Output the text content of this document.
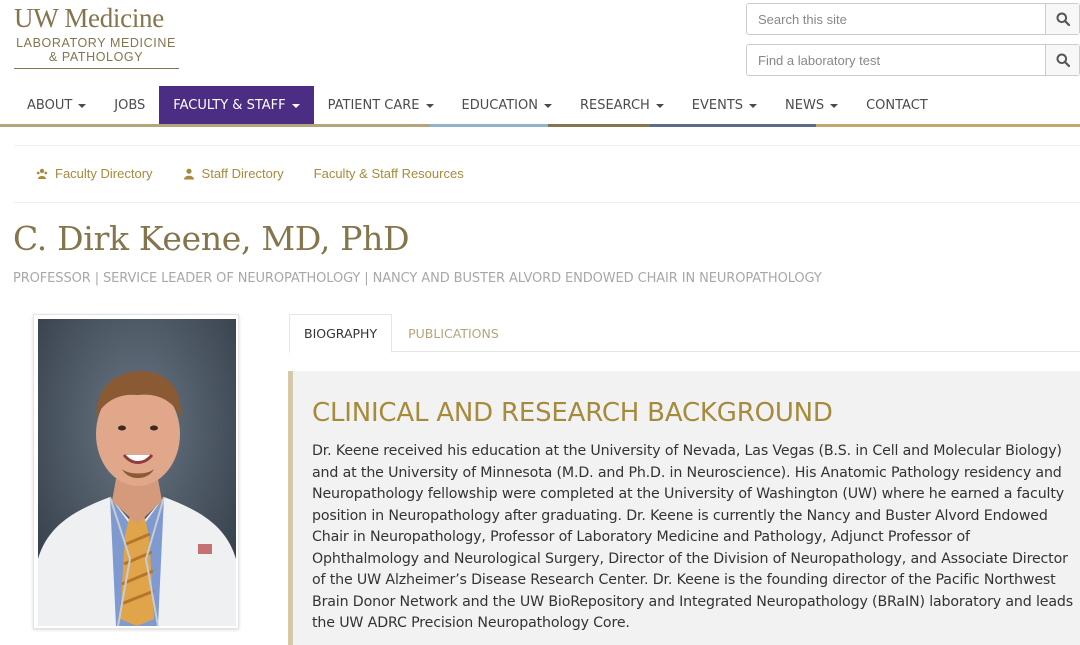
UW Medicine
LABORATORY MEDICINE
& PATHOLOGY
Search this site
Find a laboratory test
ABOUT	JOBS FACULTY & STAFF	PATIENT CARE	EDUCATION	RESEARCH	EVENTS	NEWS	CONTACT
Faculty Directory	Staff Directory Faculty & Staff Resources
C. Dirk Keene, MD, PhD
PROFESSOR | SERVICE LEADER OF NEUROPATHOLOGY | NANCY AND BUSTER ALVORD ENDOWED CHAIR IN NEUROPATHOLOGY
BIOGRAPHY	PUBLICATIONS
CLINICAL AND RESEARCH BACKGROUND

Dr. Keene received his education at the University of Nevada, Las Vegas (B.S. in Cell and Molecular Biology) and at the University of Minnesota (M.D. and Ph.D. in Neuroscience). His Anatomic Pathology residency and Neuropathology fellowship were completed at the University of Washington (UW) where he earned a faculty position in Neuropathology after graduating. Dr. Keene is currently the Nancy and Buster Alvord Endowed Chair in Neuropathology, Professor of Laboratory Medicine and Pathology, Adjunct Professor of Ophthalmology and Neurological Surgery, Director of the Division of Neuropathology, and Associate Director of the UW Alzheimer’s Disease Research Center. Dr. Keene is the founding director of the Pacific Northwest Brain Donor Network and the UW BioRepository and Integrated Neuropathology (BRaIN) laboratory and leads the UW ADRC Precision Neuropathology Core.
